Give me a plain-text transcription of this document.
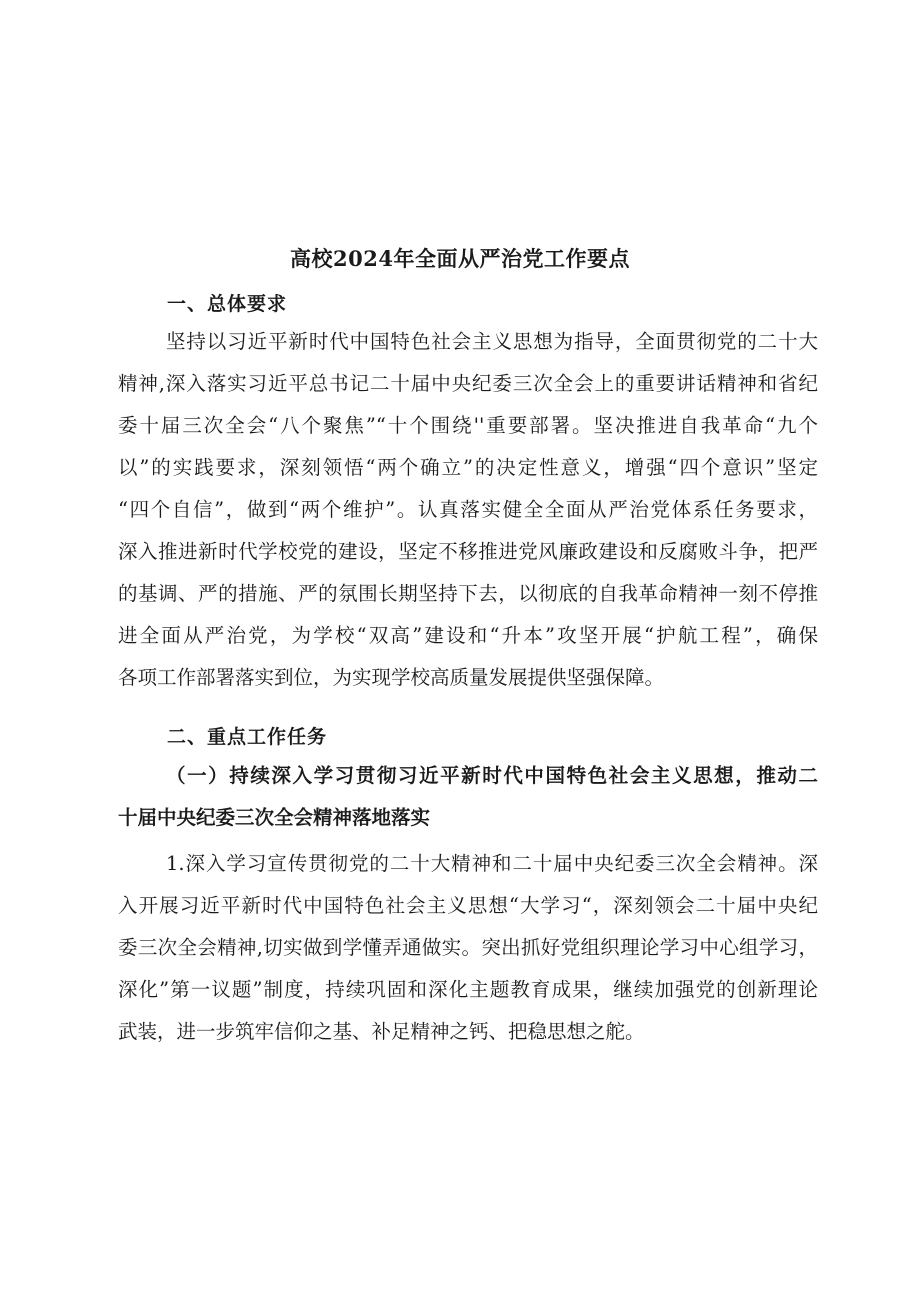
高校2024年全面从严治党工作要点
一、总体要求
坚持以习近平新时代中国特色社会主义思想为指导，全面贯彻党的二十大
精神,深入落实习近平总书记二十届中央纪委三次全会上的重要讲话精神和省纪
委十届三次全会“八个聚焦”“十个围绕''重要部署。坚决推进自我革命“九个
以”的实践要求，深刻领悟“两个确立”的决定性意义，增强“四个意识”坚定
“四个自信”，做到“两个维护”。认真落实健全全面从严治党体系任务要求，
深入推进新时代学校党的建设，坚定不移推进党风廉政建设和反腐败斗争，把严
的基调、严的措施、严的氛围长期坚持下去，以彻底的自我革命精神一刻不停推
进全面从严治党，为学校“双高”建设和“升本”攻坚开展“护航工程”，确保
各项工作部署落实到位，为实现学校高质量发展提供坚强保障。
二、重点工作任务
（一）持续深入学习贯彻习近平新时代中国特色社会主义思想，推动二
十届中央纪委三次全会精神落地落实
1.深入学习宣传贯彻党的二十大精神和二十届中央纪委三次全会精神。深
入开展习近平新时代中国特色社会主义思想“大学习“，深刻领会二十届中央纪
委三次全会精神,切实做到学懂弄通做实。突出抓好党组织理论学习中心组学习，
深化”第一议题”制度，持续巩固和深化主题教育成果，继续加强党的创新理论
武装，进一步筑牢信仰之基、补足精神之钙、把稳思想之舵。
